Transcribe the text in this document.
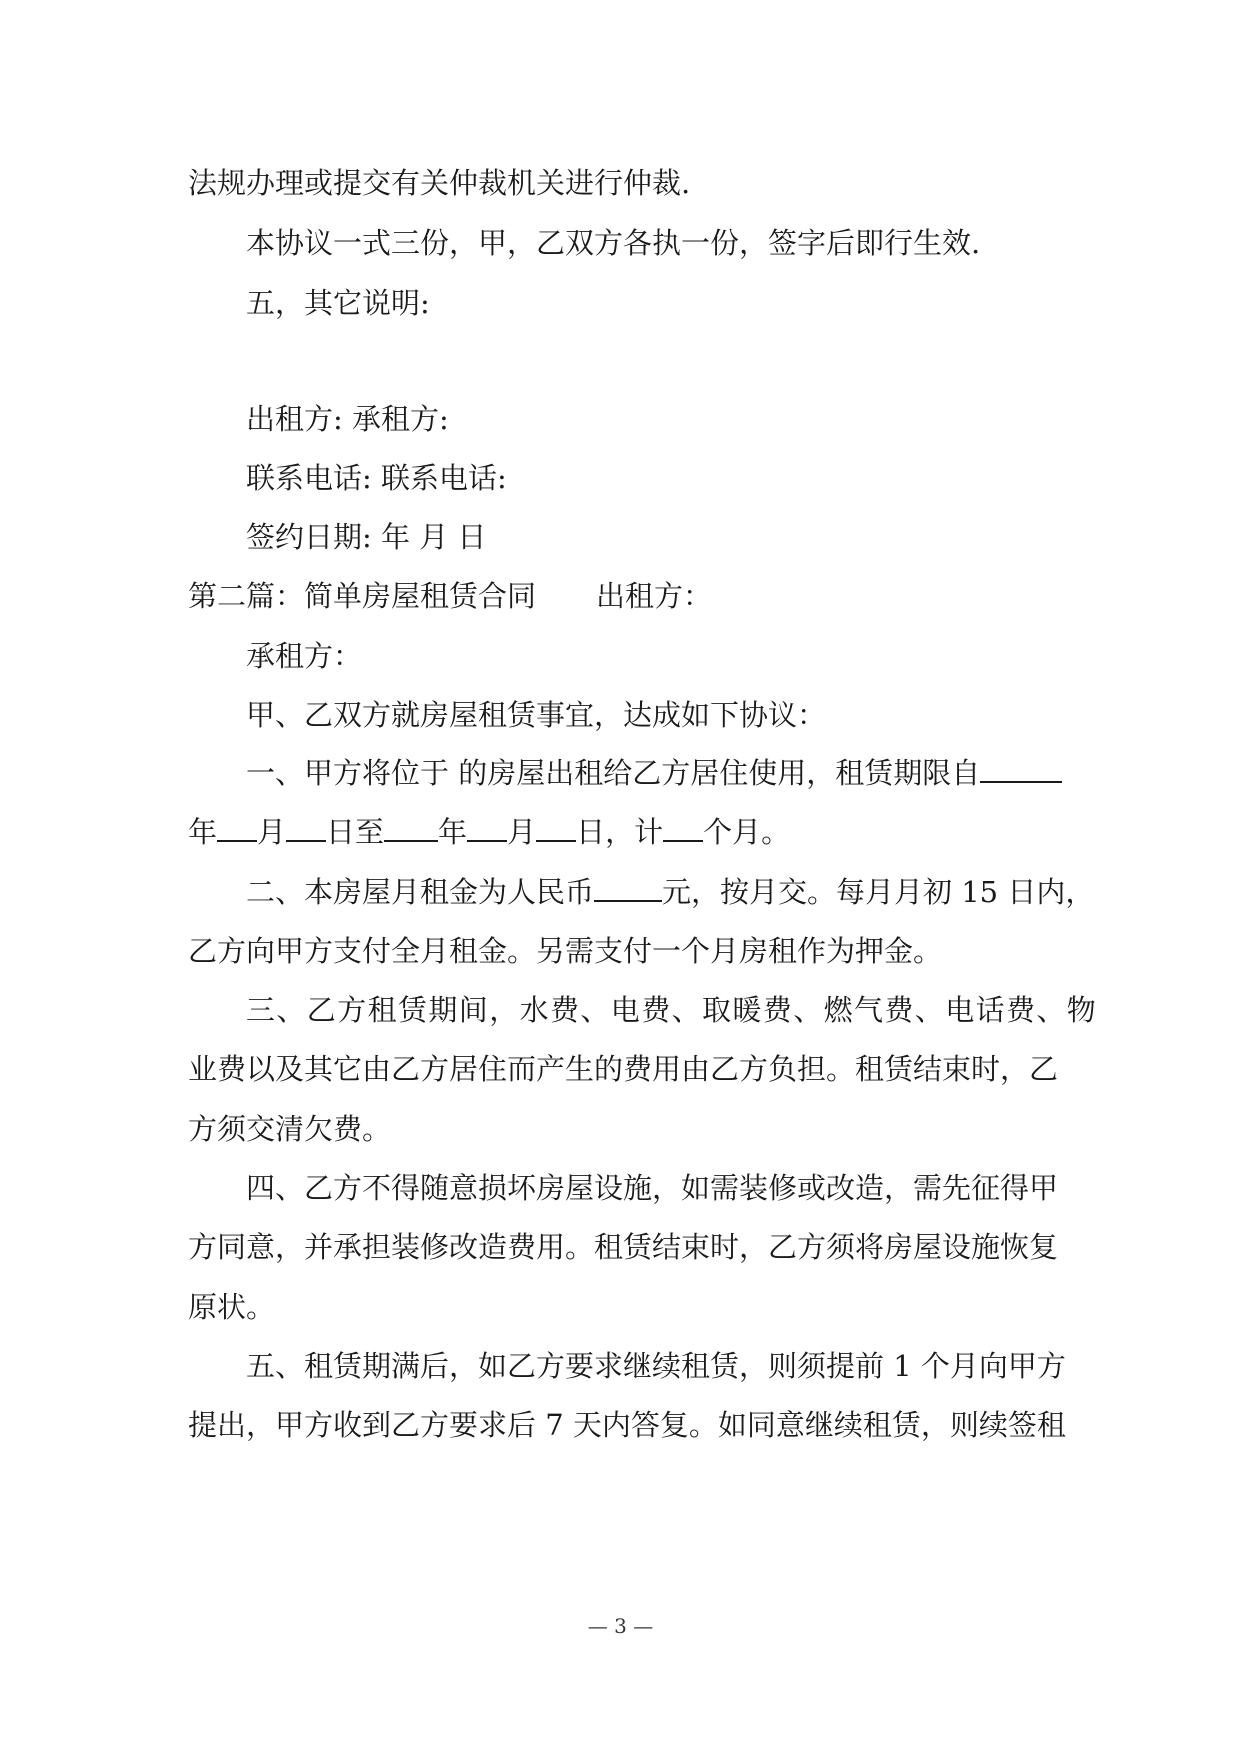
法规办理或提交有关仲裁机关进行仲裁.
本协议一式三份，甲，乙双方各执一份，签字后即行生效.
五，其它说明:
出租方: 承租方:
联系电话: 联系电话:
签约日期: 年 月 日
第二篇：简单房屋租赁合同 出租方：
承租方：
甲、乙双方就房屋租赁事宜，达成如下协议：
一、甲方将位于 的房屋出租给乙方居住使用，租赁期限自
年 月 日至 年 月 日，计 个月。
二、本房屋月租金为人民币 元，按月交。每月月初 15 日内，
乙方向甲方支付全月租金。另需支付一个月房租作为押金。
三、乙方租赁期间，水费、电费、取暖费、燃气费、电话费、物
业费以及其它由乙方居住而产生的费用由乙方负担。租赁结束时，乙
方须交清欠费。
四、乙方不得随意损坏房屋设施，如需装修或改造，需先征得甲
方同意，并承担装修改造费用。租赁结束时，乙方须将房屋设施恢复
原状。
五、租赁期满后，如乙方要求继续租赁，则须提前 1 个月向甲方
提出，甲方收到乙方要求后 7 天内答复。如同意继续租赁，则续签租
— 3 —
